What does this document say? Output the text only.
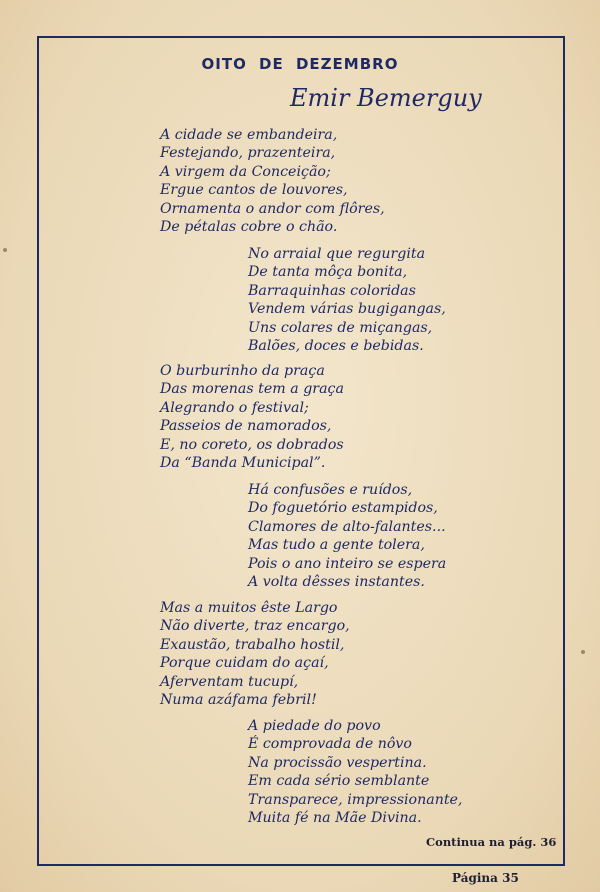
OITO DE DEZEMBRO
Emir Bemerguy
A cidade se embandeira,
Festejando, prazenteira,
A virgem da Conceição;
Ergue cantos de louvores,
Ornamenta o andor com flôres,
De pétalas cobre o chão.
No arraial que regurgita
De tanta môça bonita,
Barraquinhas coloridas
Vendem várias bugigangas,
Uns colares de miçangas,
Balões, doces e bebidas.
O burburinho da praça
Das morenas tem a graça
Alegrando o festival;
Passeios de namorados,
E, no coreto, os dobrados
Da “Banda Municipal”.
Há confusões e ruídos,
Do foguetório estampidos,
Clamores de alto-falantes...
Mas tudo a gente tolera,
Pois o ano inteiro se espera
A volta dêsses instantes.
Mas a muitos êste Largo
Não diverte, traz encargo,
Exaustão, trabalho hostil,
Porque cuidam do açaí,
Aferventam tucupí,
Numa azáfama febril!
A piedade do povo
É comprovada de nôvo
Na procissão vespertina.
Em cada sério semblante
Transparece, impressionante,
Muita fé na Mãe Divina.
Continua na pág. 36
Página 35
